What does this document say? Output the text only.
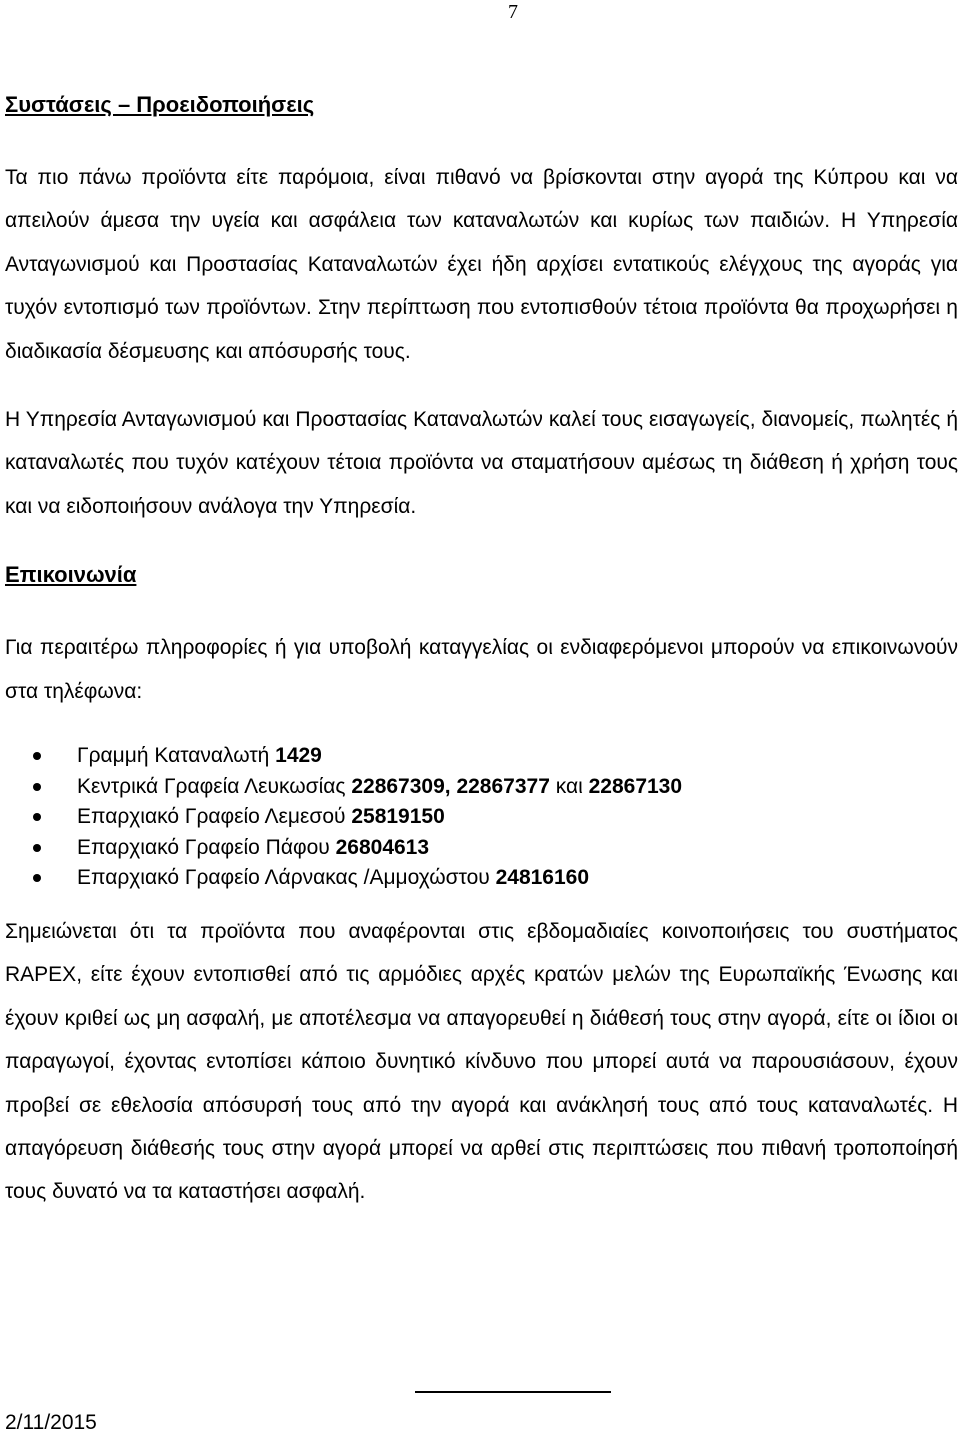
7
Συστάσεις – Προειδοποιήσεις

Τα πιο πάνω προϊόντα είτε παρόμοια, είναι πιθανό να βρίσκονται στην αγορά της Κύπρου και να απειλούν άμεσα την υγεία και ασφάλεια των καταναλωτών και κυρίως των παιδιών. Η Υπηρεσία Ανταγωνισμού και Προστασίας Καταναλωτών έχει ήδη αρχίσει εντατικούς ελέγχους της αγοράς για τυχόν εντοπισμό των προϊόντων. Στην περίπτωση που εντοπισθούν τέτοια προϊόντα θα προχωρήσει η διαδικασία δέσμευσης και απόσυρσής τους.

Η Υπηρεσία Ανταγωνισμού και Προστασίας Καταναλωτών καλεί τους εισαγωγείς, διανομείς, πωλητές ή καταναλωτές που τυχόν κατέχουν τέτοια προϊόντα να σταματήσουν αμέσως τη διάθεση ή χρήση τους και να ειδοποιήσουν ανάλογα την Υπηρεσία.

Επικοινωνία

Για περαιτέρω πληροφορίες ή για υποβολή καταγγελίας οι ενδιαφερόμενοι μπορούν να επικοινωνούν στα τηλέφωνα:

Γραμμή Καταναλωτή 1429
Κεντρικά Γραφεία Λευκωσίας 22867309, 22867377 και 22867130
Επαρχιακό Γραφείο Λεμεσού 25819150
Επαρχιακό Γραφείο Πάφου 26804613
Επαρχιακό Γραφείο Λάρνακας /Αμμοχώστου 24816160

Σημειώνεται ότι τα προϊόντα που αναφέρονται στις εβδομαδιαίες κοινοποιήσεις του συστήματος RAPEX, είτε έχουν εντοπισθεί από τις αρμόδιες αρχές κρατών μελών της Ευρωπαϊκής Ένωσης και έχουν κριθεί ως μη ασφαλή, με αποτέλεσμα να απαγορευθεί η διάθεσή τους στην αγορά, είτε οι ίδιοι οι παραγωγοί, έχοντας εντοπίσει κάποιο δυνητικό κίνδυνο που μπορεί αυτά να παρουσιάσουν, έχουν προβεί σε εθελοσία απόσυρσή τους από την αγορά και ανάκλησή τους από τους καταναλωτές. Η απαγόρευση διάθεσής τους στην αγορά μπορεί να αρθεί στις περιπτώσεις που πιθανή τροποποίησή τους δυνατό να τα καταστήσει ασφαλή.

2/11/2015
